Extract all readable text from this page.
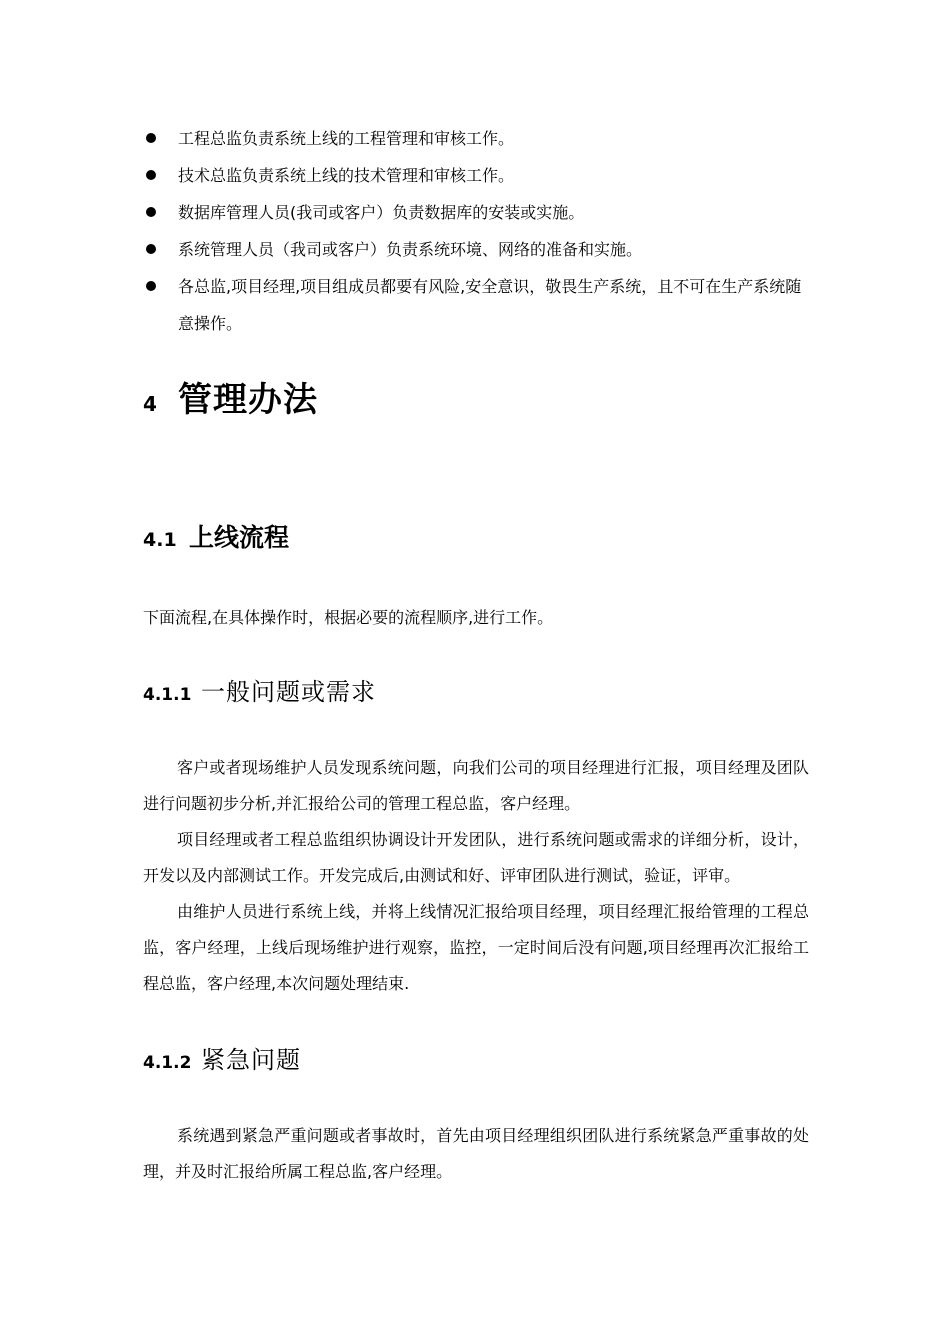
工程总监负责系统上线的工程管理和审核工作。
技术总监负责系统上线的技术管理和审核工作。
数据库管理人员(我司或客户）负责数据库的安装或实施。
系统管理人员（我司或客户）负责系统环境、网络的准备和实施。
各总监,项目经理,项目组成员都要有风险,安全意识，敬畏生产系统，且不可在生产系统随意操作。
4 管理办法
4.1 上线流程

下面流程,在具体操作时，根据必要的流程顺序,进行工作。

4.1.1 一般问题或需求

客户或者现场维护人员发现系统问题，向我们公司的项目经理进行汇报，项目经理及团队进行问题初步分析,并汇报给公司的管理工程总监，客户经理。

项目经理或者工程总监组织协调设计开发团队，进行系统问题或需求的详细分析，设计，开发以及内部测试工作。开发完成后,由测试和好、评审团队进行测试，验证，评审。

由维护人员进行系统上线，并将上线情况汇报给项目经理，项目经理汇报给管理的工程总监，客户经理，上线后现场维护进行观察，监控，一定时间后没有问题,项目经理再次汇报给工程总监，客户经理,本次问题处理结束.

4.1.2 紧急问题

系统遇到紧急严重问题或者事故时，首先由项目经理组织团队进行系统紧急严重事故的处理，并及时汇报给所属工程总监,客户经理。
